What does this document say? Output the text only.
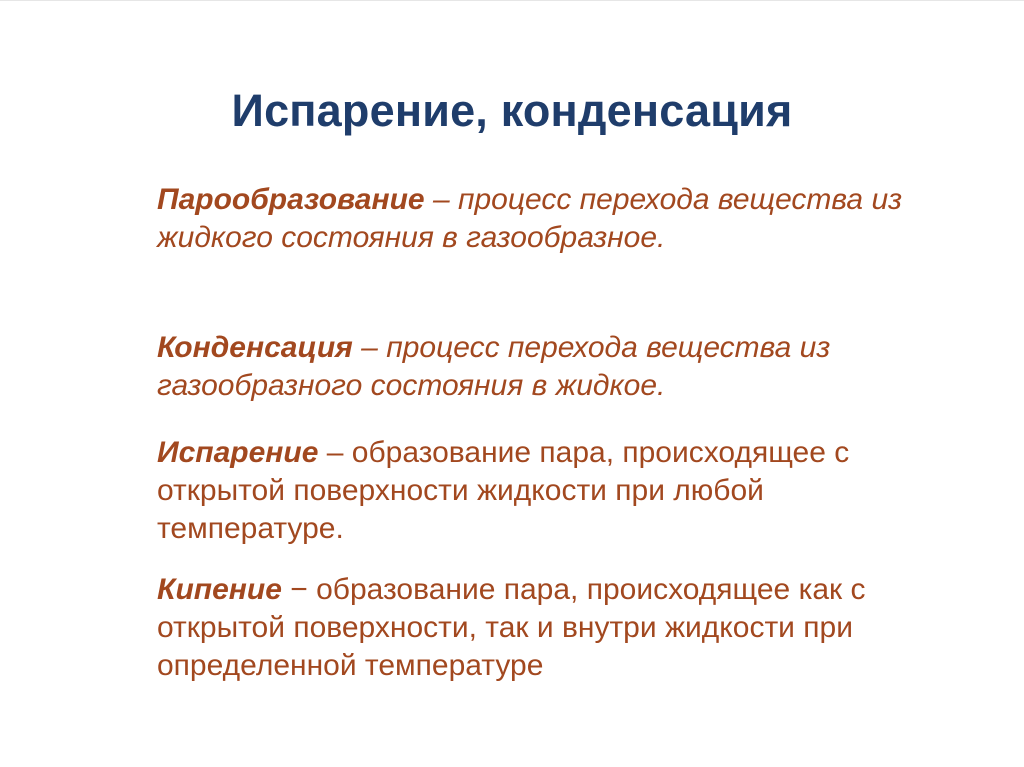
Испарение, конденсация
Парообразование – процесс перехода вещества из жидкого состояния в газообразное.
Конденсация – процесс перехода вещества из газообразного состояния в жидкое.
Испарение – образование пара, происходящее с открытой поверхности жидкости при любой температуре.
Кипение − образование пара, происходящее как с открытой поверхности, так и внутри жидкости при определенной температуре
